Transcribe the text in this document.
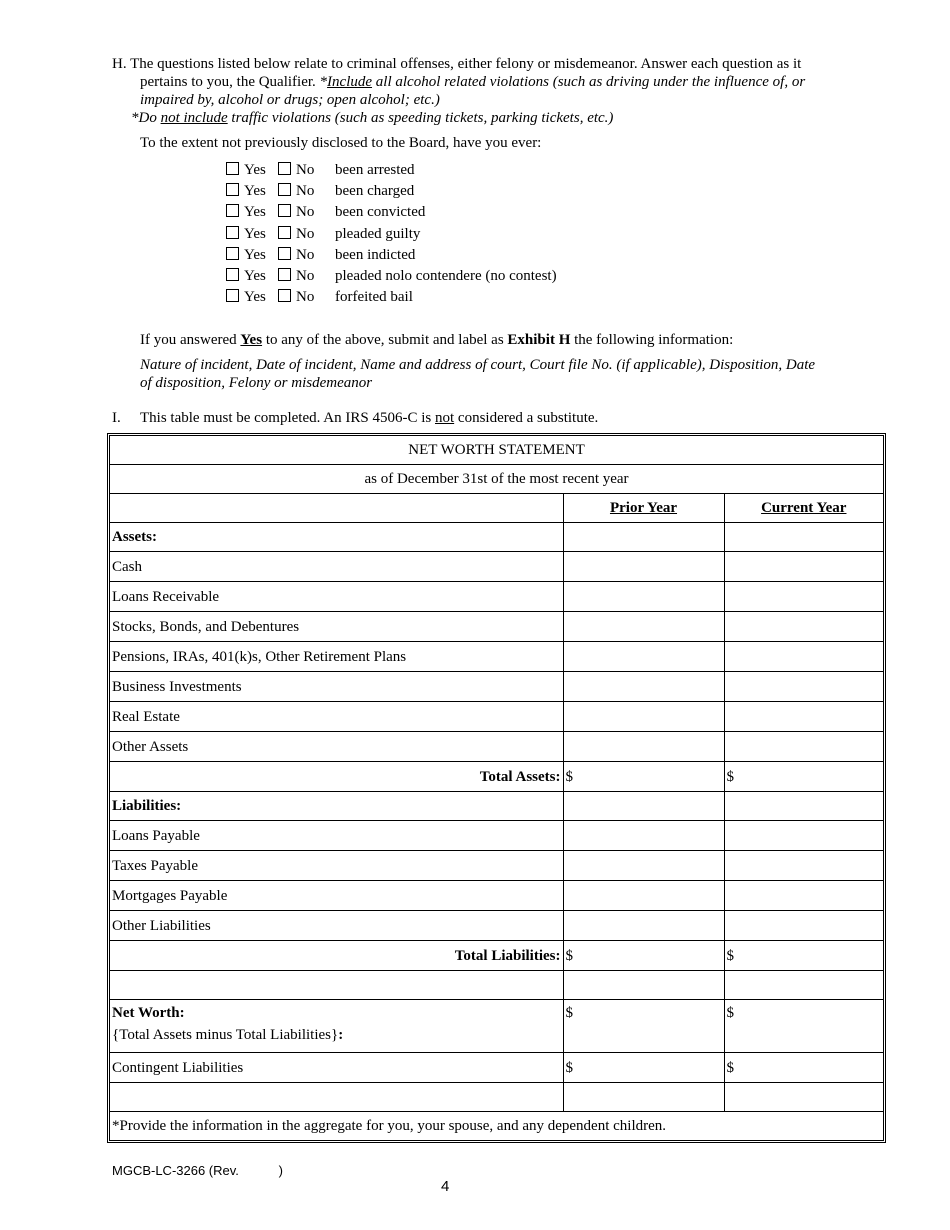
H. The questions listed below relate to criminal offenses, either felony or misdemeanor. Answer each question as it
pertains to you, the Qualifier. *Include all alcohol related violations (such as driving under the influence of, or
impaired by, alcohol or drugs; open alcohol; etc.)
*Do not include traffic violations (such as speeding tickets, parking tickets, etc.)
To the extent not previously disclosed to the Board, have you ever:
Yes No been arrested
Yes No been charged
Yes No been convicted
Yes No pleaded guilty
Yes No been indicted
Yes No pleaded nolo contendere (no contest)
Yes No forfeited bail
If you answered Yes to any of the above, submit and label as Exhibit H the following information:
Nature of incident, Date of incident, Name and address of court, Court file No. (if applicable), Disposition, Date
of disposition, Felony or misdemeanor
I. This table must be completed. An IRS 4506-C is not considered a substitute.
NET WORTH STATEMENT		
as of December 31st of the most recent year		
	Prior Year	Current Year
Assets:		
Cash		
Loans Receivable		
Stocks, Bonds, and Debentures		
Pensions, IRAs, 401(k)s, Other Retirement Plans		
Business Investments		
Real Estate		
Other Assets		
Total Assets:	$	$
Liabilities:		
Loans Payable		
Taxes Payable		
Mortgages Payable		
Other Liabilities		
Total Liabilities:	$	$

Net Worth:
{Total Assets minus Total Liabilities}:	$	$
Contingent Liabilities	$	$

*Provide the information in the aggregate for you, your spouse, and any dependent children.		
MGCB-LC-3266 (Rev.           )
4
